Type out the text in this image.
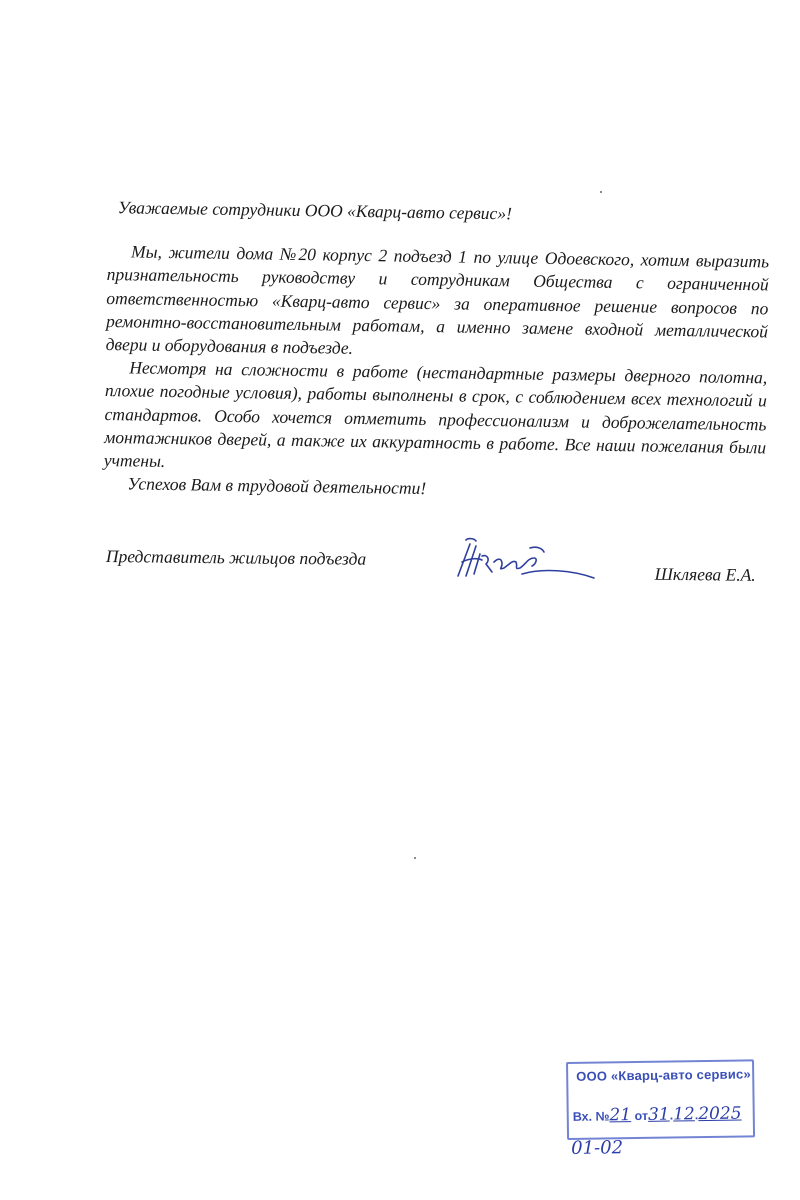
Уважаемые сотрудники ООО «Кварц-авто сервис»!

Мы, жители дома №20 корпус 2 подъезд 1 по улице Одоевского, хотим выразить признательность руководству и сотрудникам Общества с ограниченной ответственностью «Кварц-авто сервис» за оперативное решение вопросов по ремонтно-восстановительным работам, а именно замене входной металлической двери и оборудования в подъезде.

Несмотря на сложности в работе (нестандартные размеры дверного полотна, плохие погодные условия), работы выполнены в срок, с соблюдением всех технологий и стандартов. Особо хочется отметить профессионализм и доброжелательность монтажников дверей, а также их аккуратность в работе. Все наши пожелания были учтены.

Успехов Вам в трудовой деятельности!

Представитель жильцов подъезда
Шкляева Е.А.
ООО «Кварц-авто сервис»
Вх. №21 от31.12.2025
01-02
